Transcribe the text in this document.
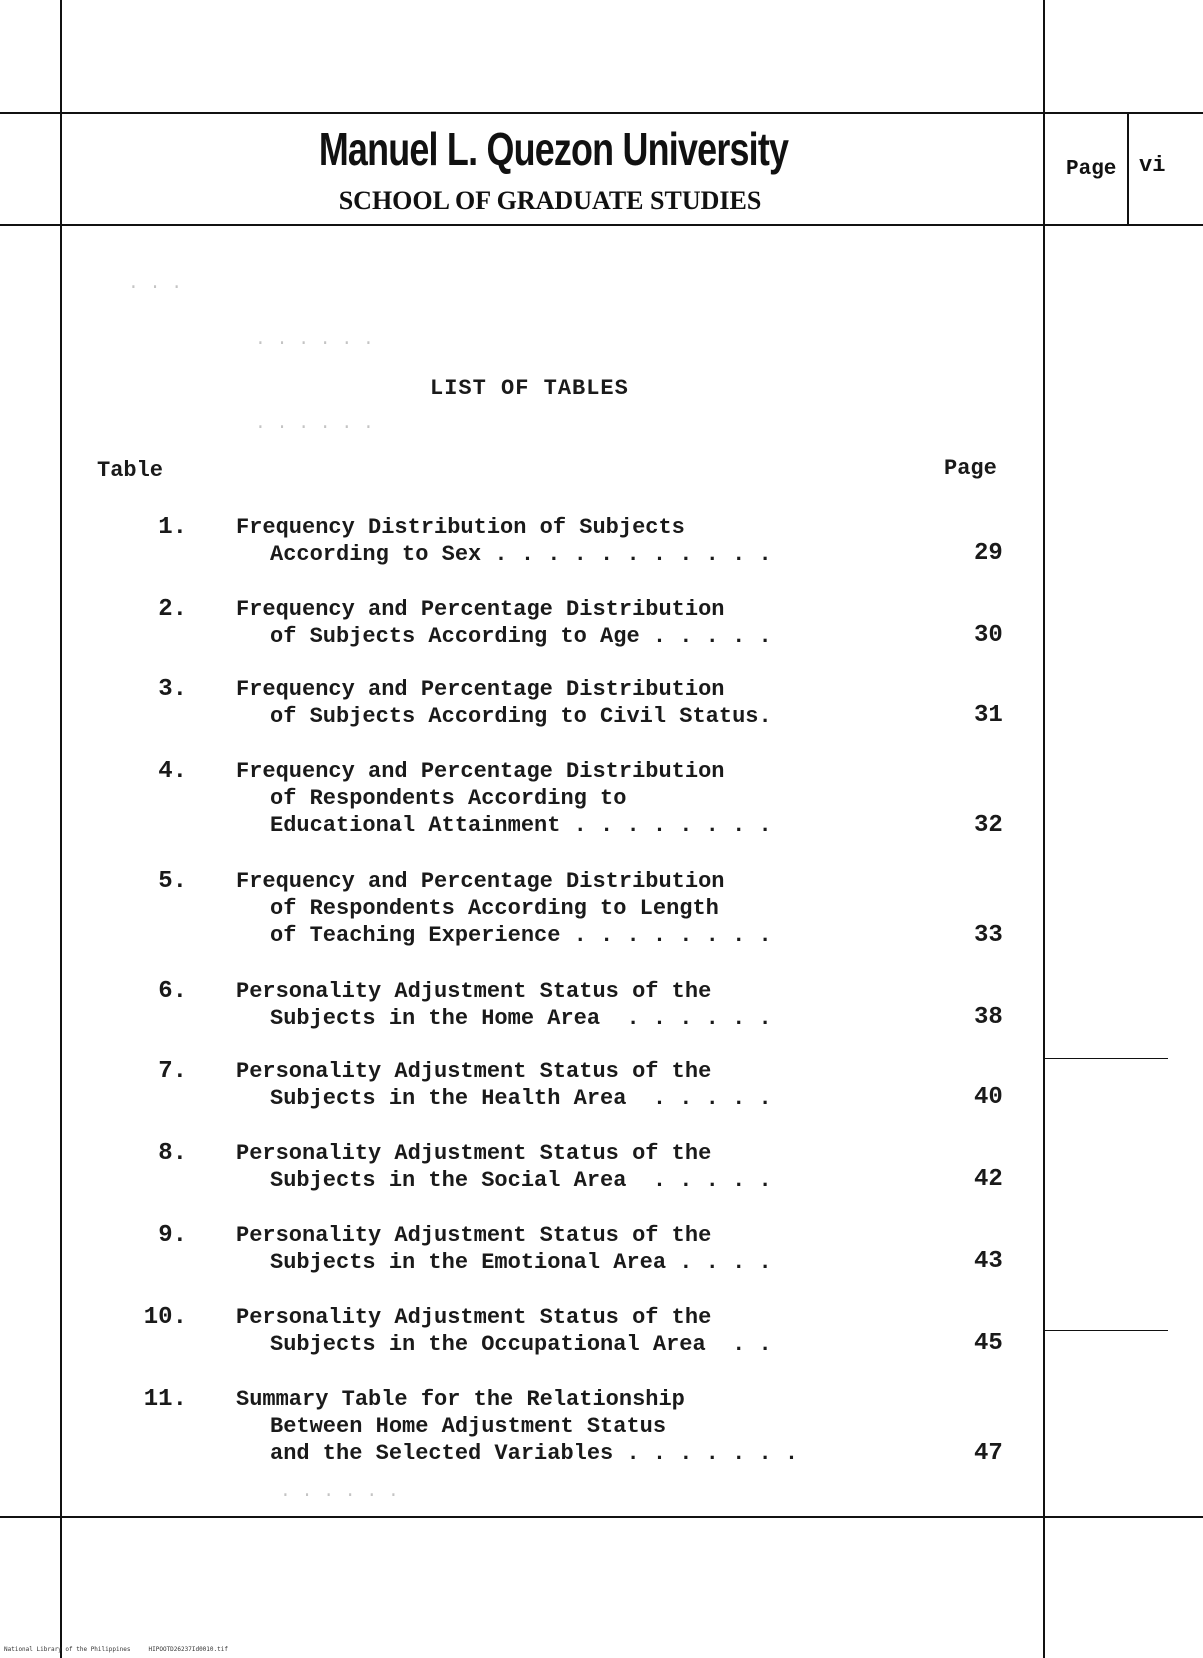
Manuel L. Quezon University
SCHOOL OF GRADUATE STUDIES
Page vi
· · ·
· · · · · ·
· · · · · ·
· · · · · ·
LIST OF TABLES
Table	Page
1. Frequency Distribution of Subjects
According to Sex . . . . . . . . . . .	29
2. Frequency and Percentage Distribution
of Subjects According to Age . . . . .	30
3. Frequency and Percentage Distribution
of Subjects According to Civil Status.	31
4. Frequency and Percentage Distribution
of Respondents According to
Educational Attainment . . . . . . . .	32
5. Frequency and Percentage Distribution
of Respondents According to Length
of Teaching Experience . . . . . . . .	33
6. Personality Adjustment Status of the
Subjects in the Home Area  . . . . . .	38
7. Personality Adjustment Status of the
Subjects in the Health Area  . . . . .	40
8. Personality Adjustment Status of the
Subjects in the Social Area  . . . . .	42
9. Personality Adjustment Status of the
Subjects in the Emotional Area . . . .	43
10. Personality Adjustment Status of the
Subjects in the Occupational Area  . .	45
11. Summary Table for the Relationship
Between Home Adjustment Status
and the Selected Variables . . . . . . .	47
National Library of the Philippines     HIPOOTD26237Id0010.tif
